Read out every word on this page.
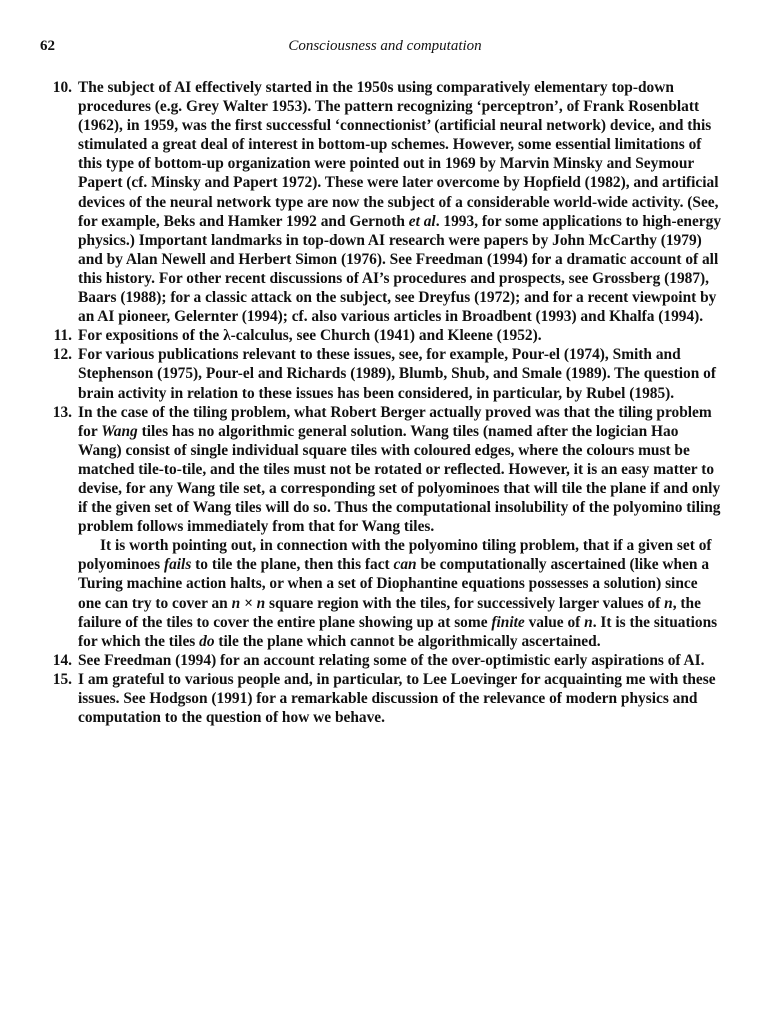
62	Consciousness and computation
10. The subject of AI effectively started in the 1950s using comparatively elementary top-down procedures (e.g. Grey Walter 1953). The pattern recognizing ‘perceptron’, of Frank Rosenblatt (1962), in 1959, was the first successful ‘connectionist’ (artificial neural network) device, and this stimulated a great deal of interest in bottom-up schemes. However, some essential limitations of this type of bottom-up organization were pointed out in 1969 by Marvin Minsky and Seymour Papert (cf. Minsky and Papert 1972). These were later overcome by Hopfield (1982), and artificial devices of the neural network type are now the subject of a considerable world-wide activity. (See, for example, Beks and Hamker 1992 and Gernoth et al. 1993, for some applications to high-energy physics.) Important landmarks in top-down AI research were papers by John McCarthy (1979) and by Alan Newell and Herbert Simon (1976). See Freedman (1994) for a dramatic account of all this history. For other recent discussions of AI’s procedures and prospects, see Grossberg (1987), Baars (1988); for a classic attack on the subject, see Dreyfus (1972); and for a recent viewpoint by an AI pioneer, Gelernter (1994); cf. also various articles in Broadbent (1993) and Khalfa (1994).

11. For expositions of the λ-calculus, see Church (1941) and Kleene (1952).

12. For various publications relevant to these issues, see, for example, Pour-el (1974), Smith and Stephenson (1975), Pour-el and Richards (1989), Blumb, Shub, and Smale (1989). The question of brain activity in relation to these issues has been considered, in particular, by Rubel (1985).

13. In the case of the tiling problem, what Robert Berger actually proved was that the tiling problem for Wang tiles has no algorithmic general solution. Wang tiles (named after the logician Hao Wang) consist of single individual square tiles with coloured edges, where the colours must be matched tile-to-tile, and the tiles must not be rotated or reflected. However, it is an easy matter to devise, for any Wang tile set, a corresponding set of polyominoes that will tile the plane if and only if the given set of Wang tiles will do so. Thus the computational insolubility of the polyomino tiling problem follows immediately from that for Wang tiles.

It is worth pointing out, in connection with the polyomino tiling problem, that if a given set of polyominoes fails to tile the plane, then this fact can be computationally ascertained (like when a Turing machine action halts, or when a set of Diophantine equations possesses a solution) since one can try to cover an n × n square region with the tiles, for successively larger values of n, the failure of the tiles to cover the entire plane showing up at some finite value of n. It is the situations for which the tiles do tile the plane which cannot be algorithmically ascertained.

14. See Freedman (1994) for an account relating some of the over-optimistic early aspirations of AI.

15. I am grateful to various people and, in particular, to Lee Loevinger for acquainting me with these issues. See Hodgson (1991) for a remarkable discussion of the relevance of modern physics and computation to the question of how we behave.
